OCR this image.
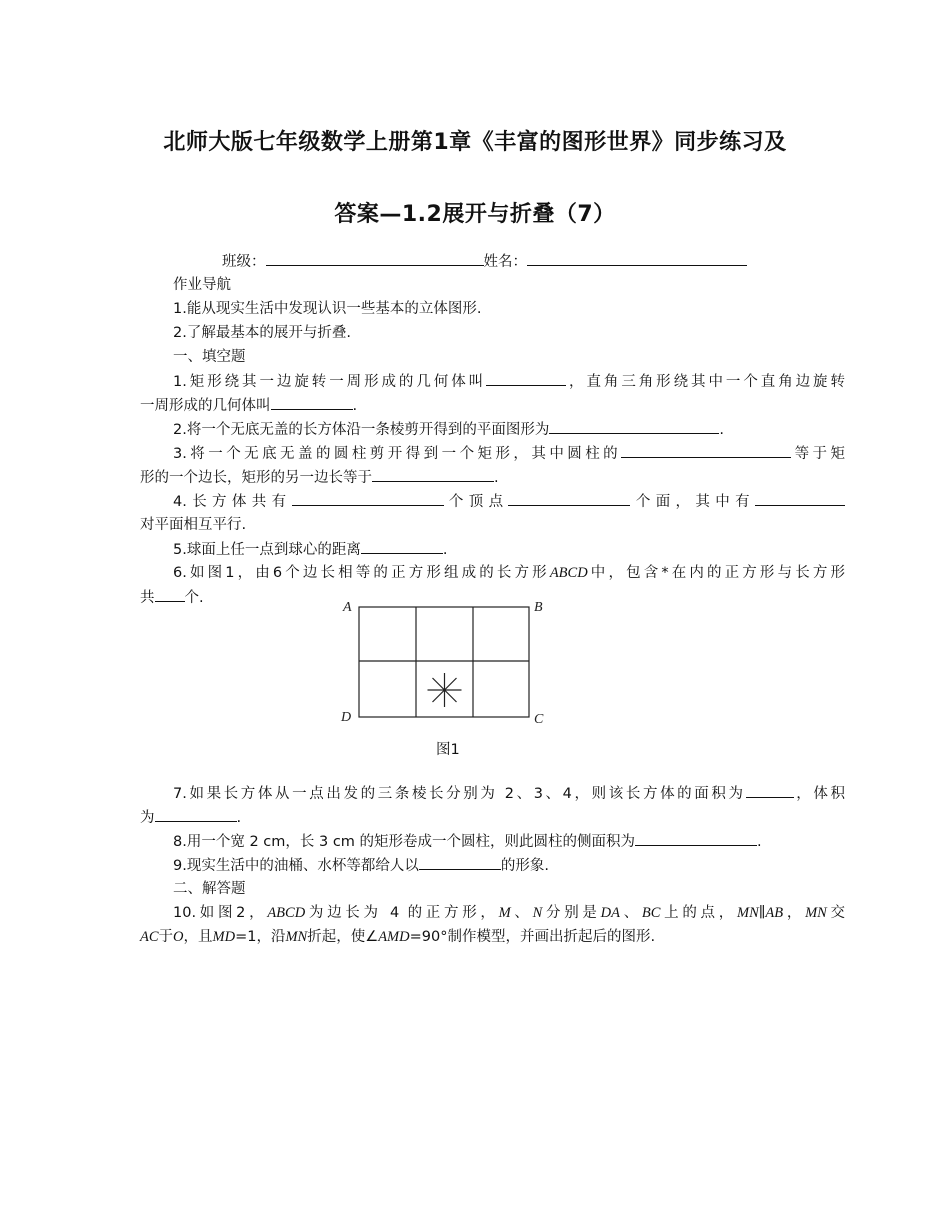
北师大版七年级数学上册第1章《丰富的图形世界》同步练习及
答案—1.2展开与折叠（7）
班级：	姓名：
作业导航
1.能从现实生活中发现认识一些基本的立体图形.
2.了解最基本的展开与折叠.
一、填空题
1.矩形绕其一边旋转一周形成的几何体叫	，直角三角形绕其中一个直角边旋转
一周形成的几何体叫	.
2.将一个无底无盖的长方体沿一条棱剪开得到的平面图形为	.
3.将一个无底无盖的圆柱剪开得到一个矩形，其中圆柱的	等于矩
形的一个边长，矩形的另一边长等于	.
4.长方体共有	个顶点	个面，其中有
对平面相互平行.
5.球面上任一点到球心的距离	.
6.如图1，由6个边长相等的正方形组成的长方形ABCD中，包含*在内的正方形与长方形
共 个.
A	B
C
D
图1
7.如果长方体从一点出发的三条棱长分别为 2、3、4，则该长方体的面积为	，体积
为	.
8.用一个宽 2 cm，长 3 cm 的矩形卷成一个圆柱，则此圆柱的侧面积为	.
9.现实生活中的油桶、水杯等都给人以	的形象.
二、解答题
10.如图2，ABCD为边长为 4 的正方形，M、N分别是DA、BC上的点，MN∥AB，MN交
AC于O，且MD=1，沿MN折起，使∠AMD=90°制作模型，并画出折起后的图形.
